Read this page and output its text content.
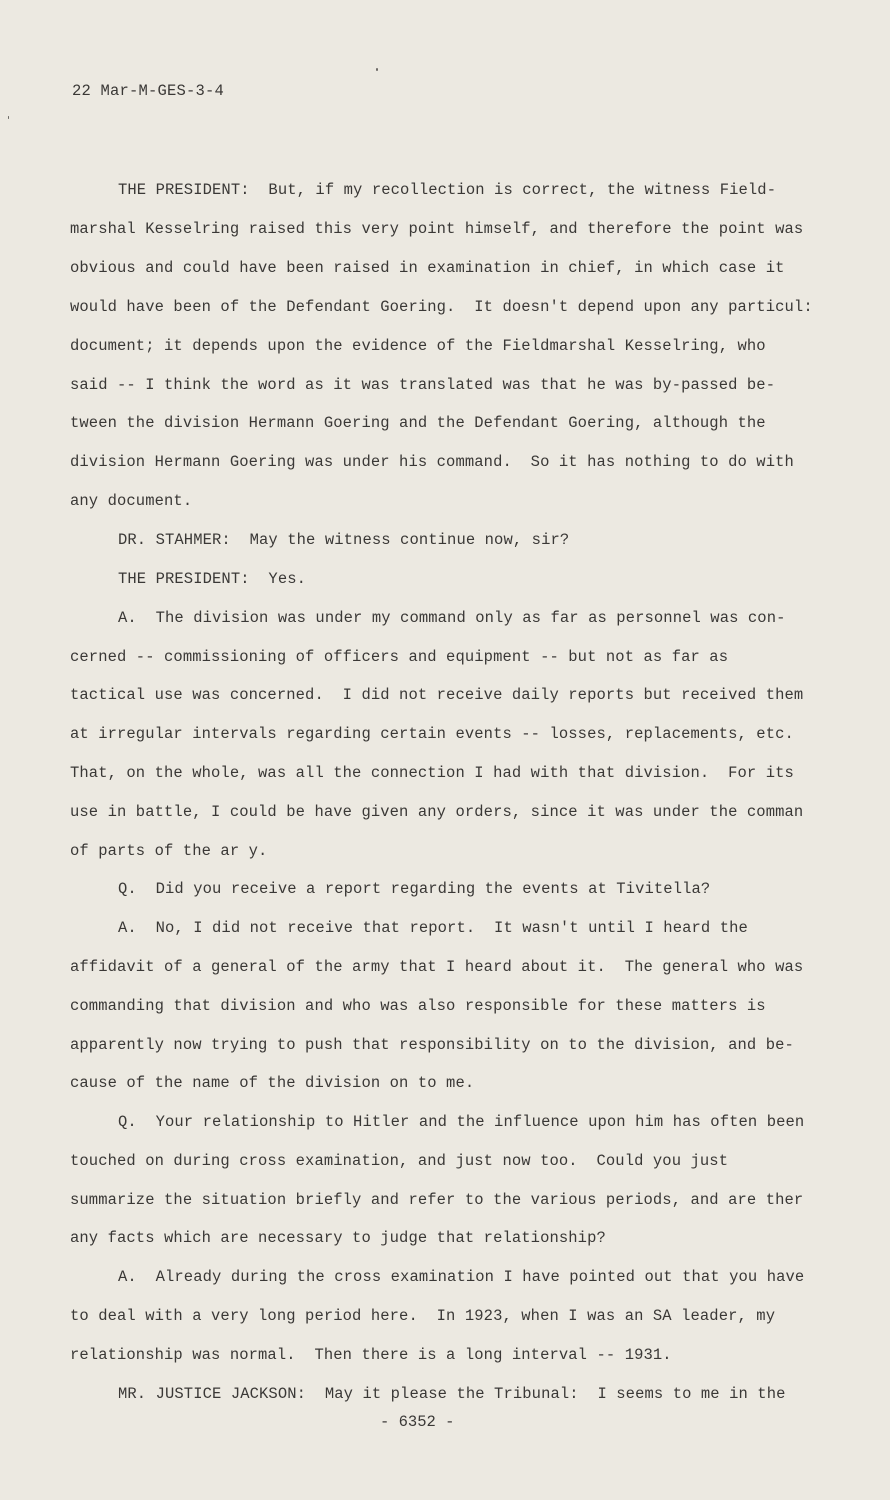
22 Mar-M-GES-3-4
THE PRESIDENT:  But, if my recollection is correct, the witness Field-
marshal Kesselring raised this very point himself, and therefore the point was
obvious and could have been raised in examination in chief, in which case it
would have been of the Defendant Goering.  It doesn't depend upon any particul:
document; it depends upon the evidence of the Fieldmarshal Kesselring, who
said -- I think the word as it was translated was that he was by-passed be-
tween the division Hermann Goering and the Defendant Goering, although the
division Hermann Goering was under his command.  So it has nothing to do with
any document.
DR. STAHMER:  May the witness continue now, sir?
THE PRESIDENT:  Yes.
A.  The division was under my command only as far as personnel was con-
cerned -- commissioning of officers and equipment -- but not as far as
tactical use was concerned.  I did not receive daily reports but received them
at irregular intervals regarding certain events -- losses, replacements, etc.
That, on the whole, was all the connection I had with that division.  For its
use in battle, I could be have given any orders, since it was under the comman
of parts of the ar y.
Q.  Did you receive a report regarding the events at Tivitella?
A.  No, I did not receive that report.  It wasn't until I heard the
affidavit of a general of the army that I heard about it.  The general who was
commanding that division and who was also responsible for these matters is
apparently now trying to push that responsibility on to the division, and be-
cause of the name of the division on to me.
Q.  Your relationship to Hitler and the influence upon him has often been
touched on during cross examination, and just now too.  Could you just
summarize the situation briefly and refer to the various periods, and are ther
any facts which are necessary to judge that relationship?
A.  Already during the cross examination I have pointed out that you have
to deal with a very long period here.  In 1923, when I was an SA leader, my
relationship was normal.  Then there is a long interval -- 1931.
MR. JUSTICE JACKSON:  May it please the Tribunal:  I seems to me in the
- 6352 -
